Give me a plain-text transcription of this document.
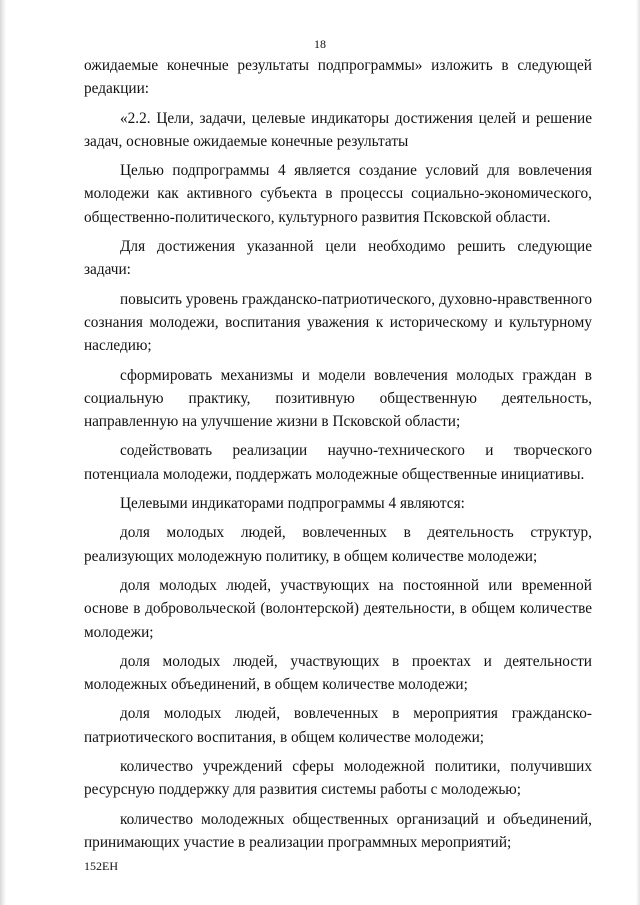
18

ожидаемые конечные результаты подпрограммы» изложить в следующей редакции:

«2.2. Цели, задачи, целевые индикаторы достижения целей и решение задач, основные ожидаемые конечные результаты

Целью подпрограммы 4 является создание условий для вовлечения молодежи как активного субъекта в процессы социально-экономического, общественно-политического, культурного развития Псковской области.

Для достижения указанной цели необходимо решить следующие задачи:

повысить уровень гражданско-патриотического, духовно-нравственного сознания молодежи, воспитания уважения к историческому и культурному наследию;

сформировать механизмы и модели вовлечения молодых граждан в социальную практику, позитивную общественную деятельность, направленную на улучшение жизни в Псковской области;

содействовать реализации научно-технического и творческого потенциала молодежи, поддержать молодежные общественные инициативы.

Целевыми индикаторами подпрограммы 4 являются:

доля молодых людей, вовлеченных в деятельность структур, реализующих молодежную политику, в общем количестве молодежи;

доля молодых людей, участвующих на постоянной или временной основе в добровольческой (волонтерской) деятельности, в общем количестве молодежи;

доля молодых людей, участвующих в проектах и деятельности молодежных объединений, в общем количестве молодежи;

доля молодых людей, вовлеченных в мероприятия гражданско-патриотического воспитания, в общем количестве молодежи;

количество учреждений сферы молодежной политики, получивших ресурсную поддержку для развития системы работы с молодежью;

количество молодежных общественных организаций и объединений, принимающих участие в реализации программных мероприятий;

152ЕН
